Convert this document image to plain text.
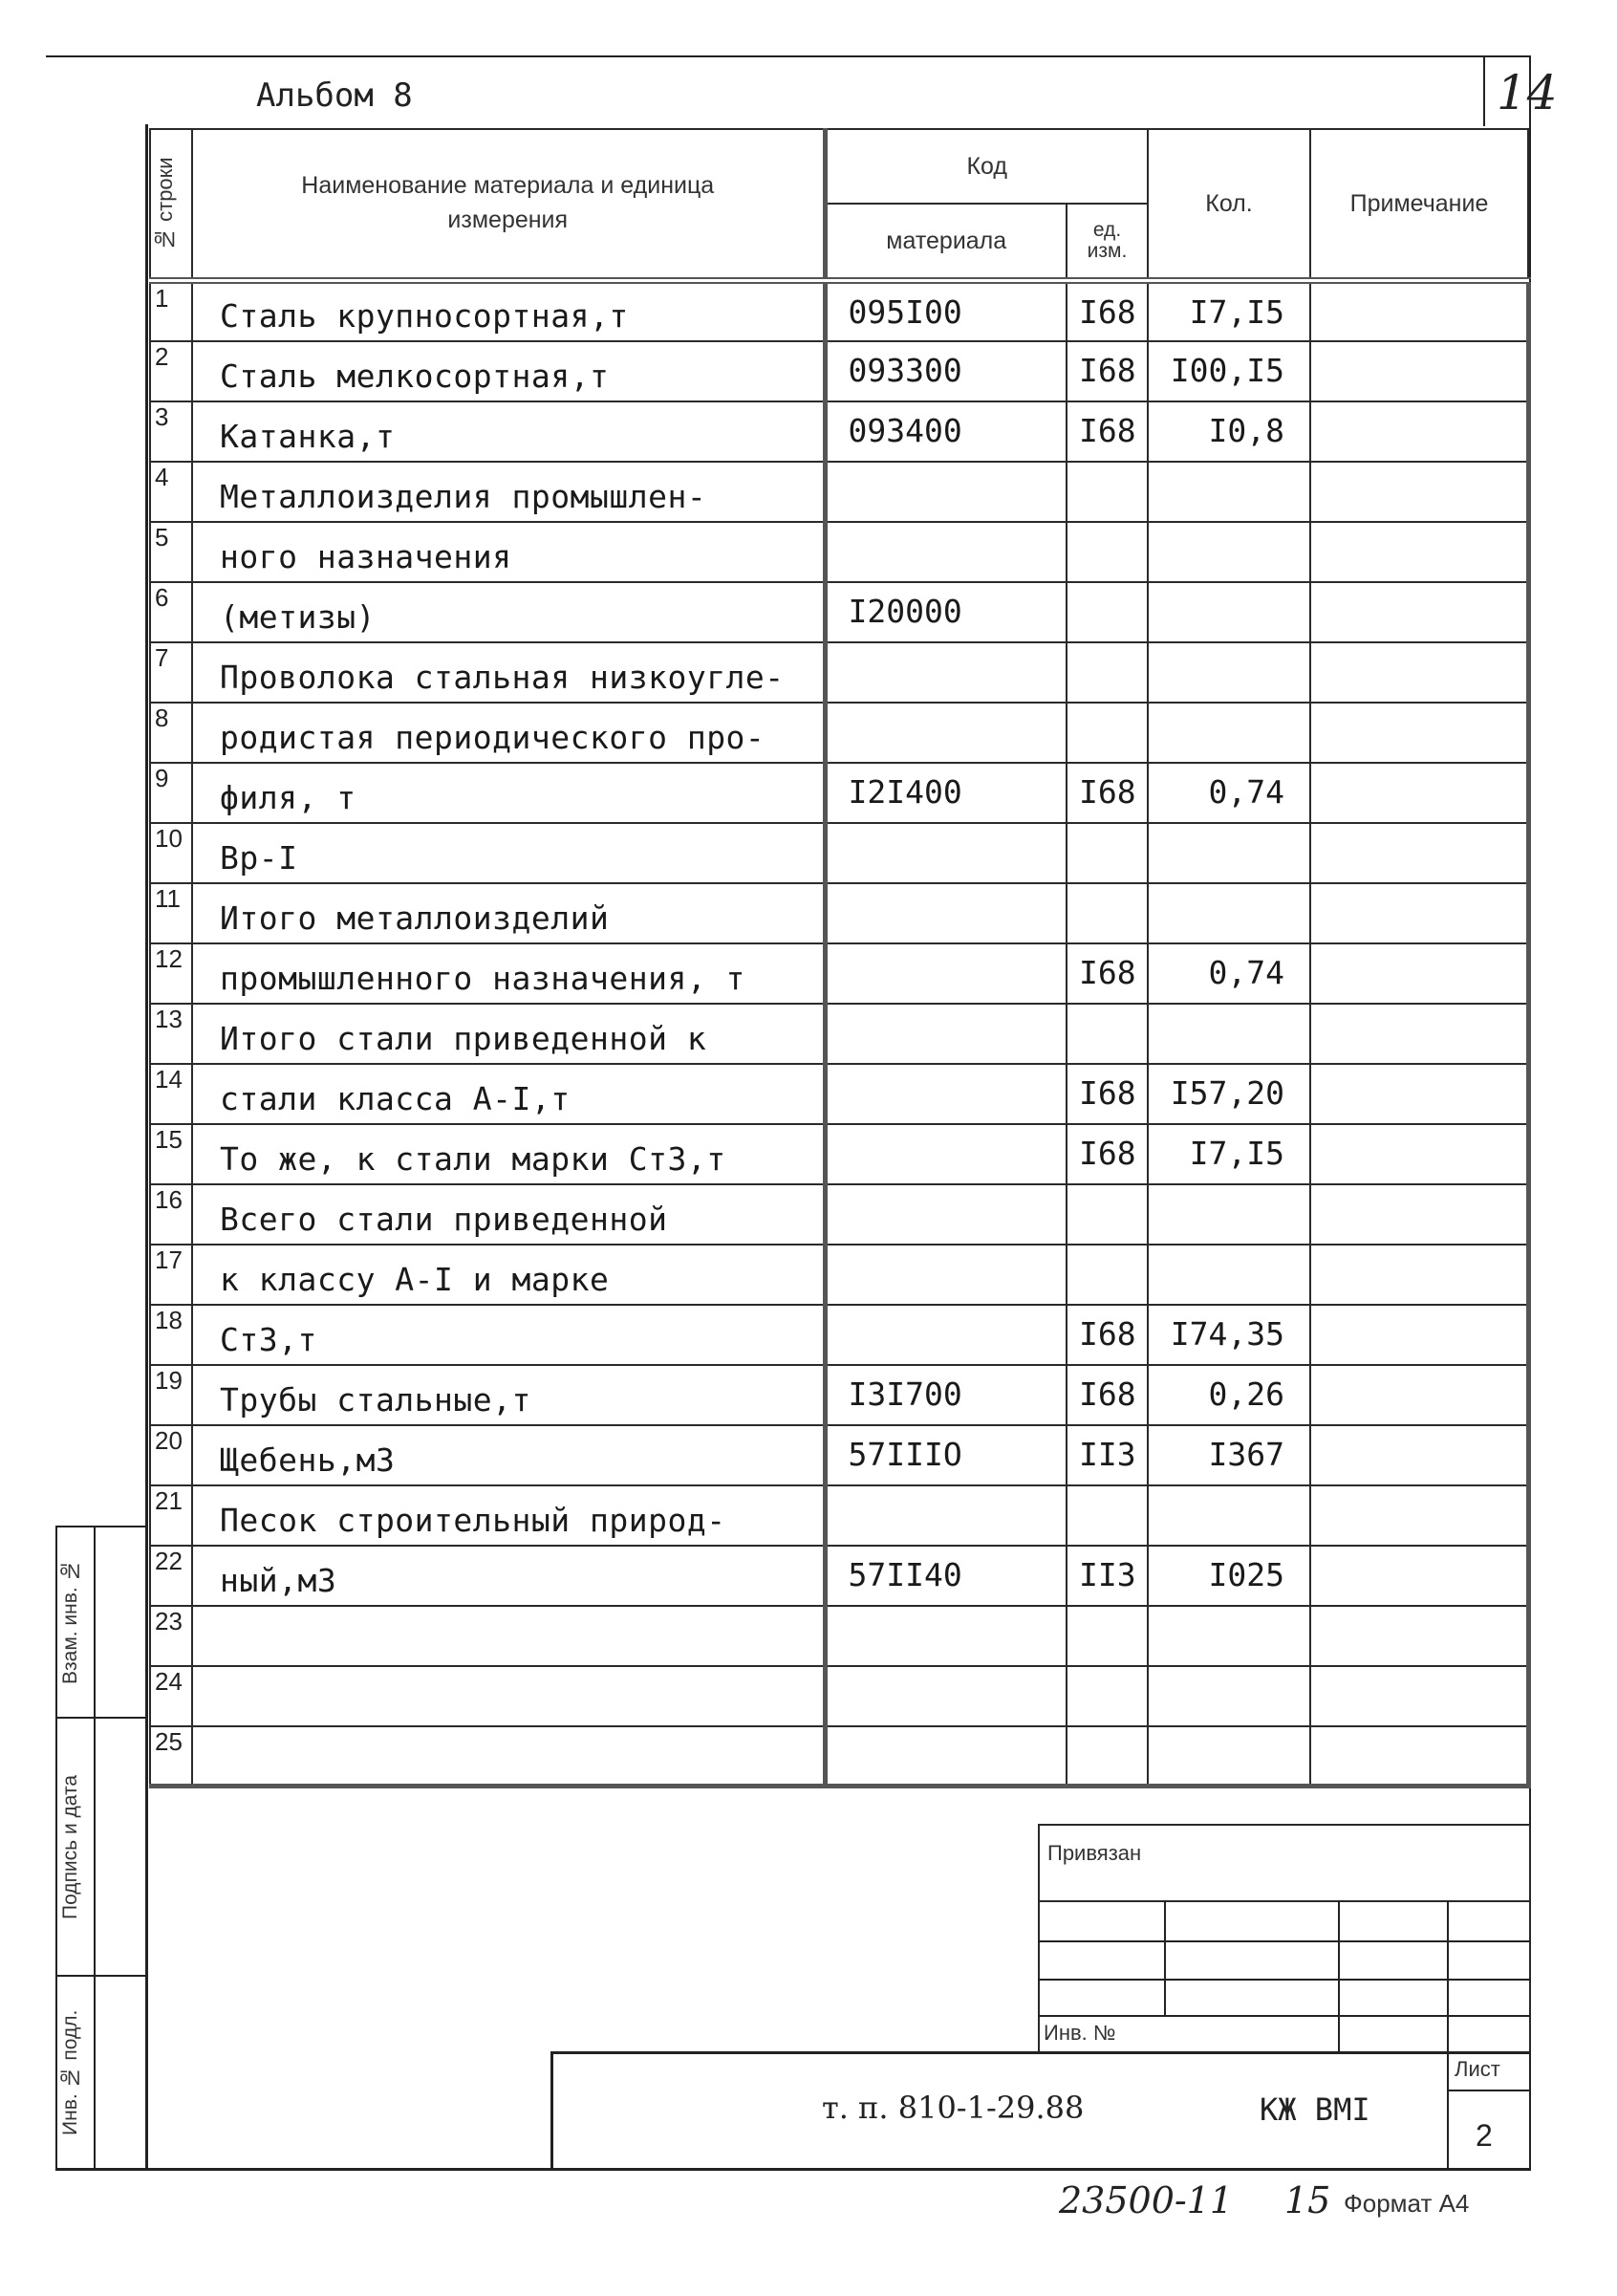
14
Альбом 8
№ строки	Наименование материала и единица измерения	Код		Кол.	Примечание
		материала	ед. изм.		

1	Сталь крупносортная,т	095I00	I68	I7,I5	
2	Сталь мелкосортная,т	093300	I68	I00,I5	
3	Катанка,т	093400	I68	I0,8	
4	Металлоизделия промышлен-				
5	ного назначения				
6	(метизы)	I20000			
7	Проволока стальная низкоугле-				
8	родистая периодического про-				
9	филя, т	I2I400	I68	0,74	
10	Вр-I				
11	Итого металлоизделий				
12	промышленного назначения, т		I68	0,74	
13	Итого стали приведенной к				
14	стали класса А-I,т		I68	I57,20	
15	То же, к стали марки Ст3,т		I68	I7,I5	
16	Всего стали приведенной				
17	к классу А-I и марке				
18	Ст3,т		I68	I74,35	
19	Трубы стальные,т	I3I700	I68	0,26	
20	Щебень,м3	57IIIO	II3	I367	
21	Песок строительный природ-				
22	ный,м3	57II40	II3	I025	
23					
24					
25					
Взам. инв. №
Подпись и дата
Инв. № подл.
Привязан
Инв. №
т. п. 810-1-29.88	КЖ ВМI
Лист
2
23500-11 15 Формат А4
